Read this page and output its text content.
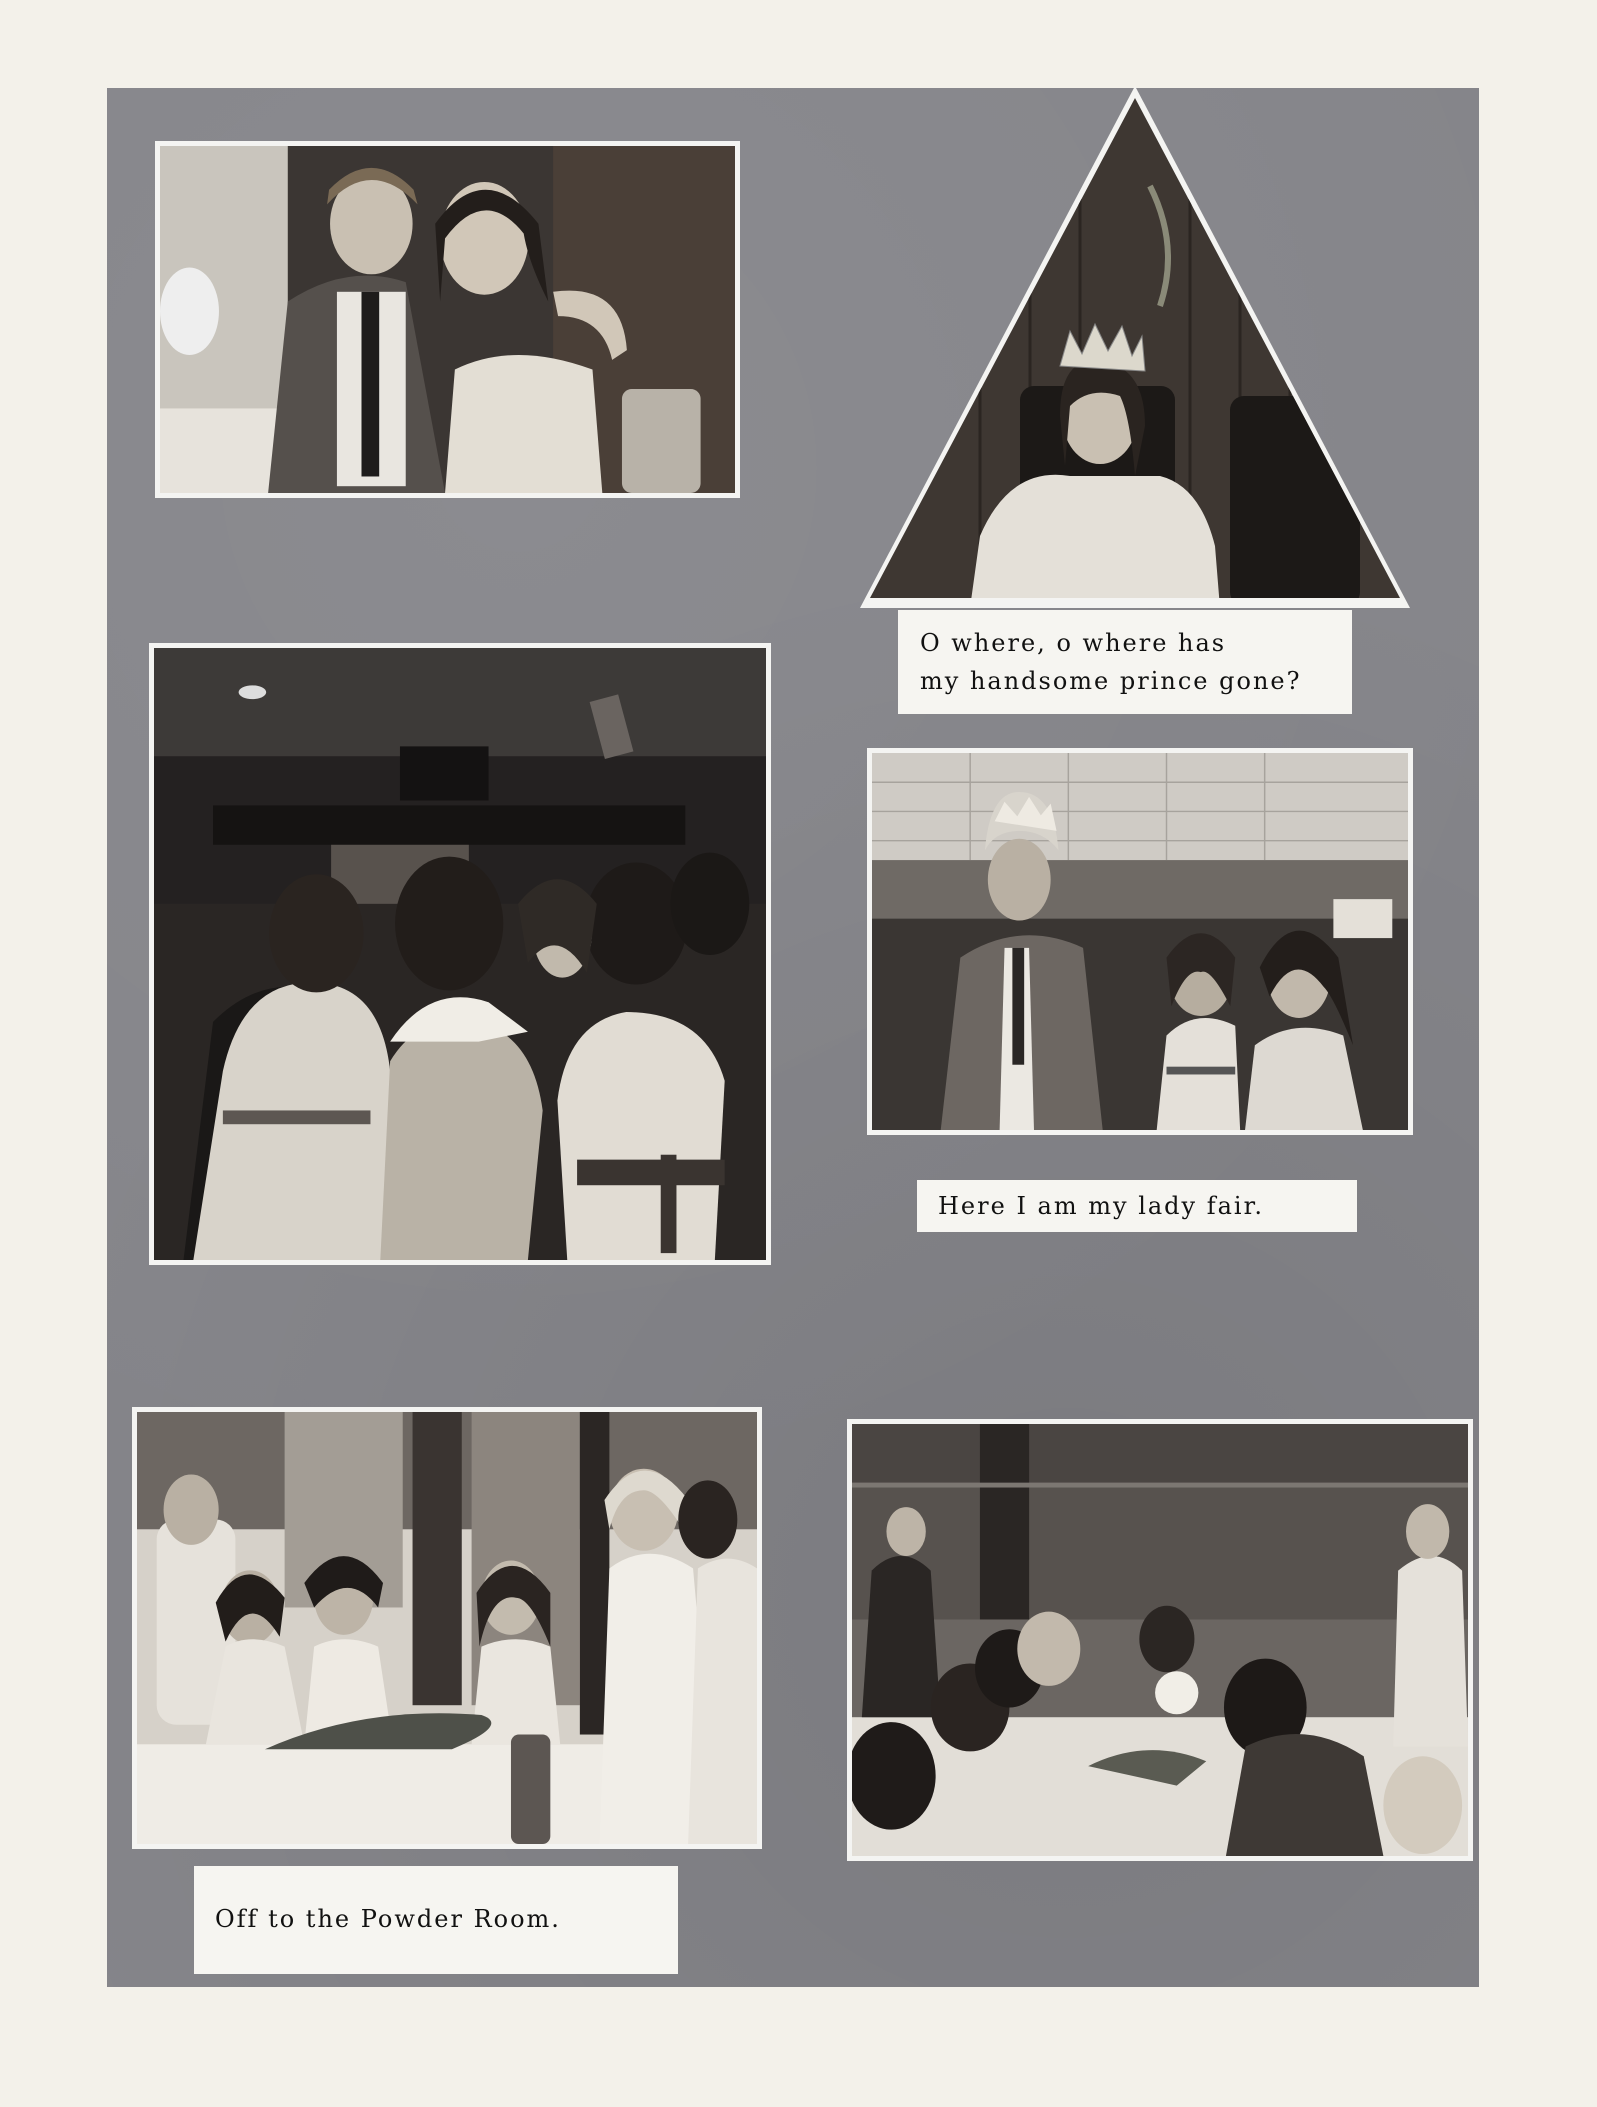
O where, o where has
my handsome prince gone?
Here I am my lady fair.
Off to the Powder Room.
